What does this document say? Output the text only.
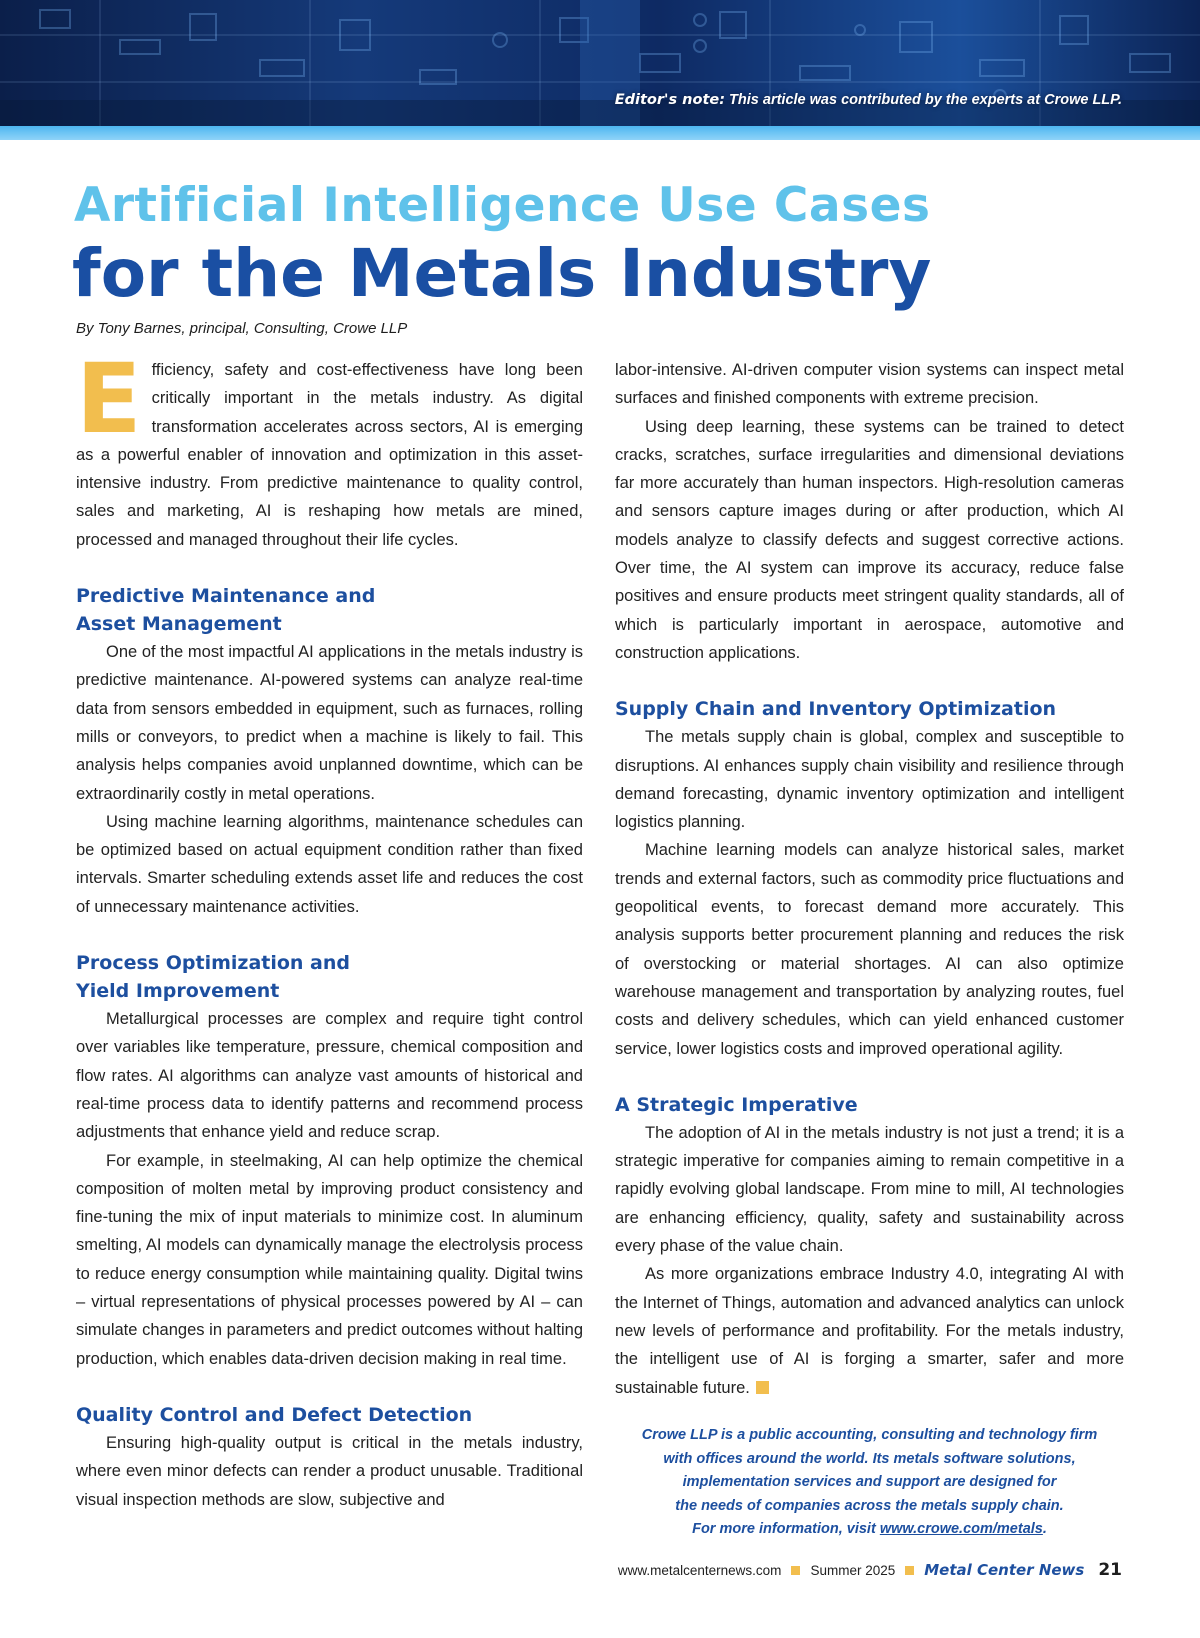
Editor's note: This article was contributed by the experts at Crowe LLP.
Artificial Intelligence Use Cases
for the Metals Industry
By Tony Barnes, principal, Consulting, Crowe LLP

Efficiency, safety and cost-effectiveness have long been critically important in the metals industry. As digital transformation accelerates across sectors, AI is emerging as a powerful enabler of innovation and optimization in this asset-intensive industry. From predictive maintenance to quality control, sales and marketing, AI is reshaping how metals are mined, processed and managed throughout their life cycles.

Predictive Maintenance and
Asset Management

One of the most impactful AI applications in the metals industry is predictive maintenance. AI-powered systems can analyze real-time data from sensors embedded in equipment, such as furnaces, rolling mills or conveyors, to predict when a machine is likely to fail. This analysis helps companies avoid unplanned downtime, which can be extraordinarily costly in metal operations.

Using machine learning algorithms, maintenance schedules can be optimized based on actual equipment condition rather than fixed intervals. Smarter scheduling extends asset life and reduces the cost of unnecessary maintenance activities.

Process Optimization and
Yield Improvement

Metallurgical processes are complex and require tight control over variables like temperature, pressure, chemical composition and flow rates. AI algorithms can analyze vast amounts of historical and real-time process data to identify patterns and recommend process adjustments that enhance yield and reduce scrap.

For example, in steelmaking, AI can help optimize the chemical composition of molten metal by improving product consistency and fine-tuning the mix of input materials to minimize cost. In aluminum smelting, AI models can dynamically manage the electrolysis process to reduce energy consumption while maintaining quality. Digital twins – virtual representations of physical processes powered by AI – can simulate changes in parameters and predict outcomes without halting production, which enables data-driven decision making in real time.

Quality Control and Defect Detection

Ensuring high-quality output is critical in the metals industry, where even minor defects can render a product unusable. Traditional visual inspection methods are slow, subjective and

labor-intensive. AI-driven computer vision systems can inspect metal surfaces and finished components with extreme precision.

Using deep learning, these systems can be trained to detect cracks, scratches, surface irregularities and dimensional deviations far more accurately than human inspectors. High-resolution cameras and sensors capture images during or after production, which AI models analyze to classify defects and suggest corrective actions. Over time, the AI system can improve its accuracy, reduce false positives and ensure products meet stringent quality standards, all of which is particularly important in aerospace, automotive and construction applications.

Supply Chain and Inventory Optimization

The metals supply chain is global, complex and susceptible to disruptions. AI enhances supply chain visibility and resilience through demand forecasting, dynamic inventory optimization and intelligent logistics planning.

Machine learning models can analyze historical sales, market trends and external factors, such as commodity price fluctuations and geopolitical events, to forecast demand more accurately. This analysis supports better procurement planning and reduces the risk of overstocking or material shortages. AI can also optimize warehouse management and transportation by analyzing routes, fuel costs and delivery schedules, which can yield enhanced customer service, lower logistics costs and improved operational agility.

A Strategic Imperative

The adoption of AI in the metals industry is not just a trend; it is a strategic imperative for companies aiming to remain competitive in a rapidly evolving global landscape. From mine to mill, AI technologies are enhancing efficiency, quality, safety and sustainability across every phase of the value chain.

As more organizations embrace Industry 4.0, integrating AI with the Internet of Things, automation and advanced analytics can unlock new levels of performance and profitability. For the metals industry, the intelligent use of AI is forging a smarter, safer and more sustainable future.

Crowe LLP is a public accounting, consulting and technology firm
with offices around the world. Its metals software solutions,
implementation services and support are designed for
the needs of companies across the metals supply chain.
For more information, visit www.crowe.com/metals.
www.metalcenternews.com Summer 2025 Metal Center News 21
